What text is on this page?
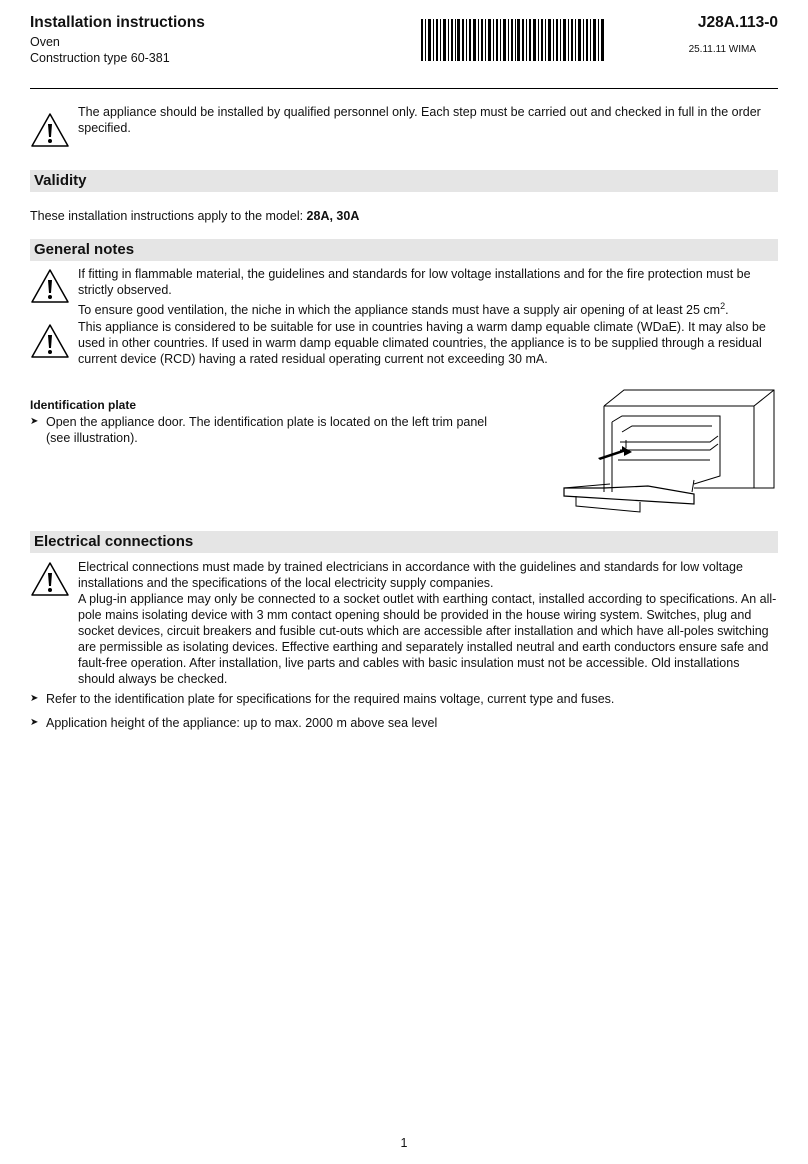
Installation instructions
Oven
Construction type 60-381
J28A.113-0
25.11.11 WIMA

The appliance should be installed by qualified personnel only. Each step must be carried out and checked in full in the order specified.

Validity
These installation instructions apply to the model: 28A, 30A
General notes

If fitting in flammable material, the guidelines and standards for low voltage installations and for the fire protection must be strictly observed.

To ensure good ventilation, the niche in which the appliance stands must have a supply air opening of at least 25 $cm^2$.

This appliance is considered to be suitable for use in countries having a warm damp equable climate (WDaE). It may also be used in other countries. If used in warm damp equable climated countries, the appliance is to be supplied through a residual current device (RCD) having a rated residual operating current not exceeding 30 mA.

Identification plate
➤ Open the appliance door. The identification plate is located on the left trim panel
(see illustration).
Electrical connections

Electrical connections must made by trained electricians in accordance with the guidelines and standards for low voltage installations and the specifications of the local electricity supply companies.

A plug-in appliance may only be connected to a socket outlet with earthing contact, installed according to specifications. An all-pole mains isolating device with 3 mm contact opening should be provided in the house wiring system. Switches, plug and socket devices, circuit breakers and fusible cut-outs which are accessible after installation and which have all-poles switching are permissible as isolating devices. Effective earthing and separately installed neutral and earth conductors ensure safe and fault-free operation. After installation, live parts and cables with basic insulation must not be accessible. Old installations should always be checked.

➤ Refer to the identification plate for specifications for the required mains voltage, current type and fuses.
➤ Application height of the appliance: up to max. 2000 m above sea level
1
